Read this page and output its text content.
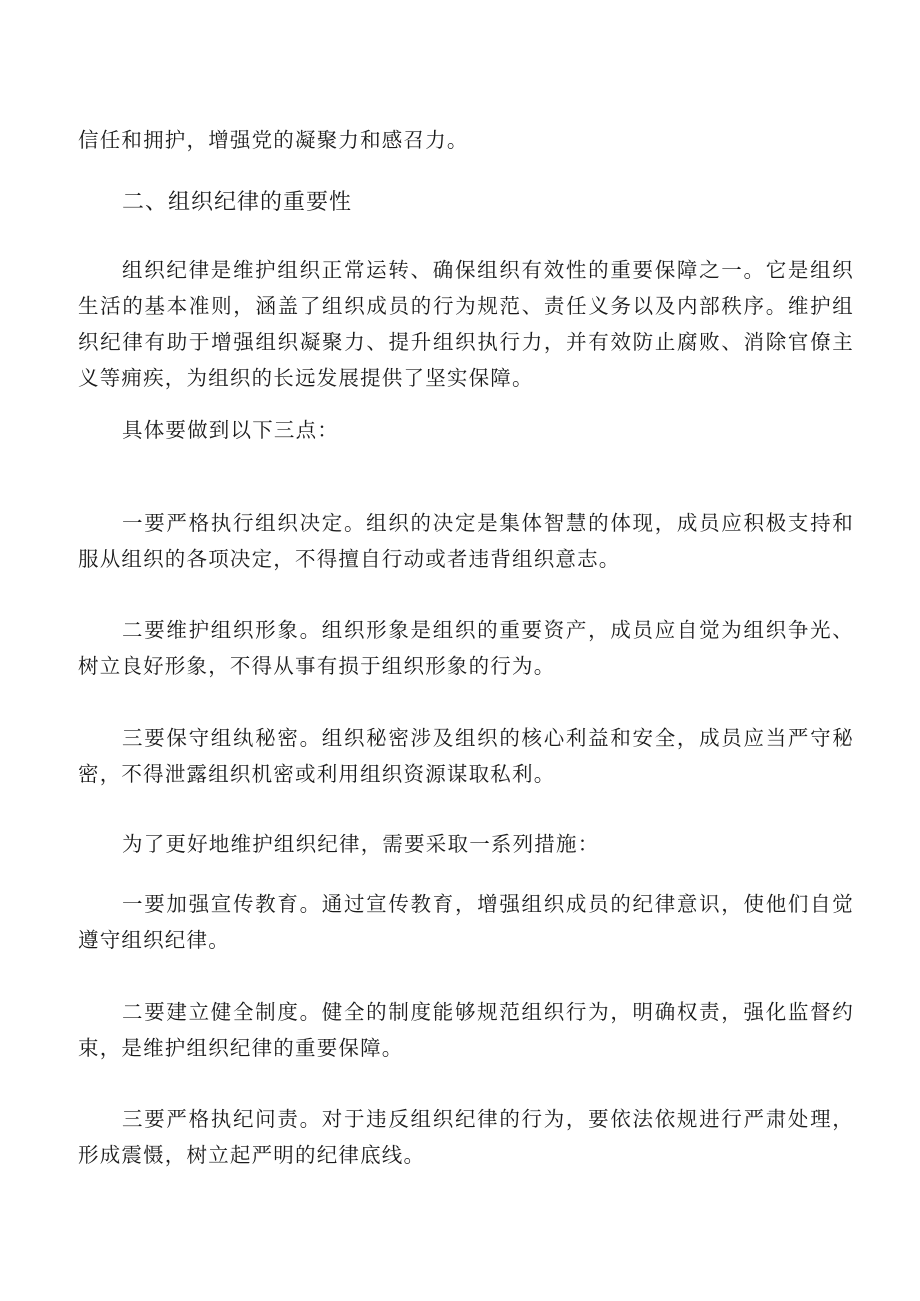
信任和拥护，增强党的凝聚力和感召力。

二、组织纪律的重要性

组织纪律是维护组织正常运转、确保组织有效性的重要保障之一。它是组织生活的基本准则，涵盖了组织成员的行为规范、责任义务以及内部秩序。维护组织纪律有助于增强组织凝聚力、提升组织执行力，并有效防止腐败、消除官僚主义等痈疾，为组织的长远发展提供了坚实保障。

具体要做到以下三点：

一要严格执行组织决定。组织的决定是集体智慧的体现，成员应积极支持和服从组织的各项决定，不得擅自行动或者违背组织意志。

二要维护组织形象。组织形象是组织的重要资产，成员应自觉为组织争光、树立良好形象，不得从事有损于组织形象的行为。

三要保守组纨秘密。组织秘密涉及组织的核心利益和安全，成员应当严守秘密，不得泄露组织机密或利用组织资源谋取私利。

为了更好地维护组织纪律，需要采取一系列措施：

一要加强宣传教育。通过宣传教育，增强组织成员的纪律意识，使他们自觉遵守组织纪律。

二要建立健全制度。健全的制度能够规范组织行为，明确权责，强化监督约束，是维护组织纪律的重要保障。

三要严格执纪问责。对于违反组织纪律的行为，要依法依规进行严肃处理，形成震慑，树立起严明的纪律底线。
